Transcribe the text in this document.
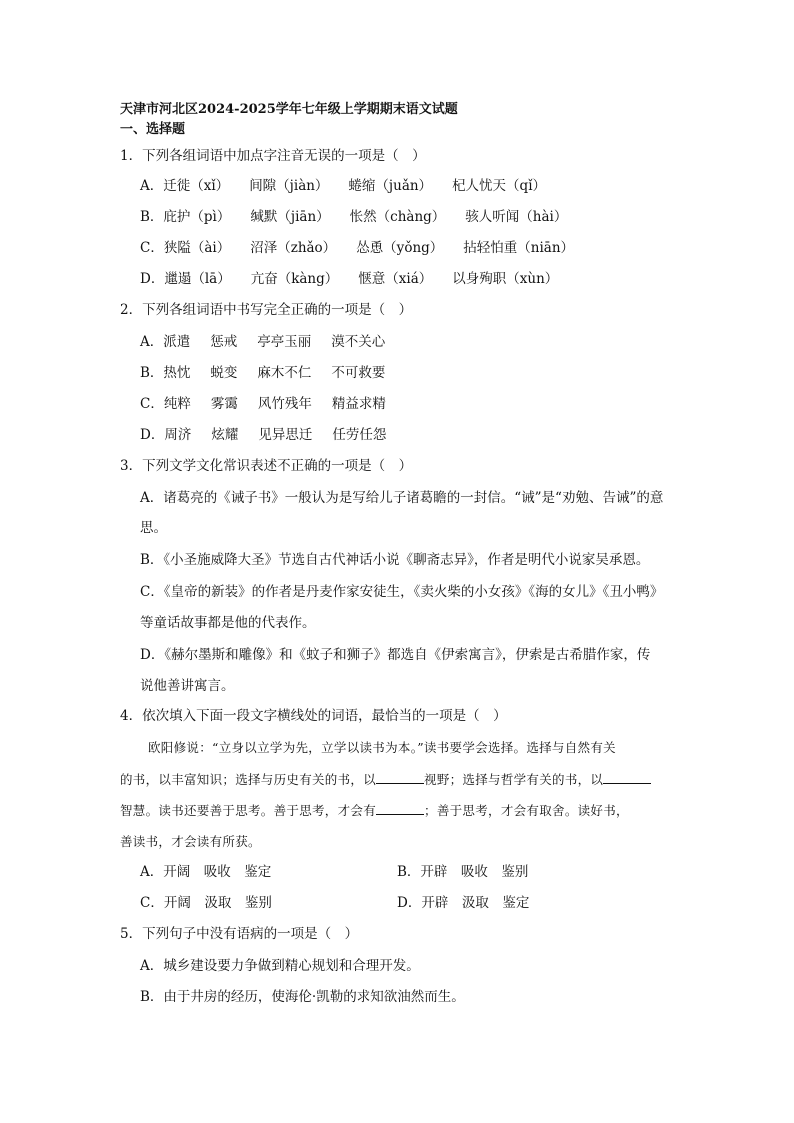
天津市河北区2024-2025学年七年级上学期期末语文试题
一、选择题
1．下列各组词语中加点字注音无误的一项是（　）
A．迁徙（xǐ） 间隙（jiàn） 蜷缩（juǎn） 杞人忧天（qǐ）
B．庇护（pì） 缄默（jiān） 怅然（chàng） 骇人听闻（hài）
C．狭隘（ài） 沼泽（zhǎo） 怂恿（yǒng） 拈轻怕重（niān）
D．邋遢（lā） 亢奋（kàng） 惬意（xiá） 以身殉职（xùn）
2．下列各组词语中书写完全正确的一项是（　）
A．派遣 惩戒 亭亭玉丽 漠不关心
B．热忱 蜕变 麻木不仁 不可救要
C．纯粹 雾霭 风竹残年 精益求精
D．周济 炫耀 见异思迁 任劳任怨
3．下列文学文化常识表述不正确的一项是（　）
A．诸葛亮的《诫子书》一般认为是写给儿子诸葛瞻的一封信。“诫”是“劝勉、告诫”的意
思。
B．《小圣施威降大圣》节选自古代神话小说《聊斋志异》，作者是明代小说家吴承恩。
C．《皇帝的新装》的作者是丹麦作家安徒生，《卖火柴的小女孩》《海的女儿》《丑小鸭》
等童话故事都是他的代表作。
D．《赫尔墨斯和雕像》和《蚊子和狮子》都选自《伊索寓言》，伊索是古希腊作家，传
说他善讲寓言。
4．依次填入下面一段文字横线处的词语，最恰当的一项是（　）
欧阳修说：“立身以立学为先，立学以读书为本。”读书要学会选择。选择与自然有关
的书，以丰富知识；选择与历史有关的书，以	视野；选择与哲学有关的书，以
智慧。读书还要善于思考。善于思考，才会有	；善于思考，才会有取舍。读好书，
善读书，才会读有所获。
A．开阔　吸收　鉴定	B．开辟　吸收　鉴别
C．开阔　汲取　鉴别	D．开辟　汲取　鉴定
5．下列句子中没有语病的一项是（　）
A．城乡建设要力争做到精心规划和合理开发。
B．由于井房的经历，使海伦·凯勒的求知欲油然而生。
